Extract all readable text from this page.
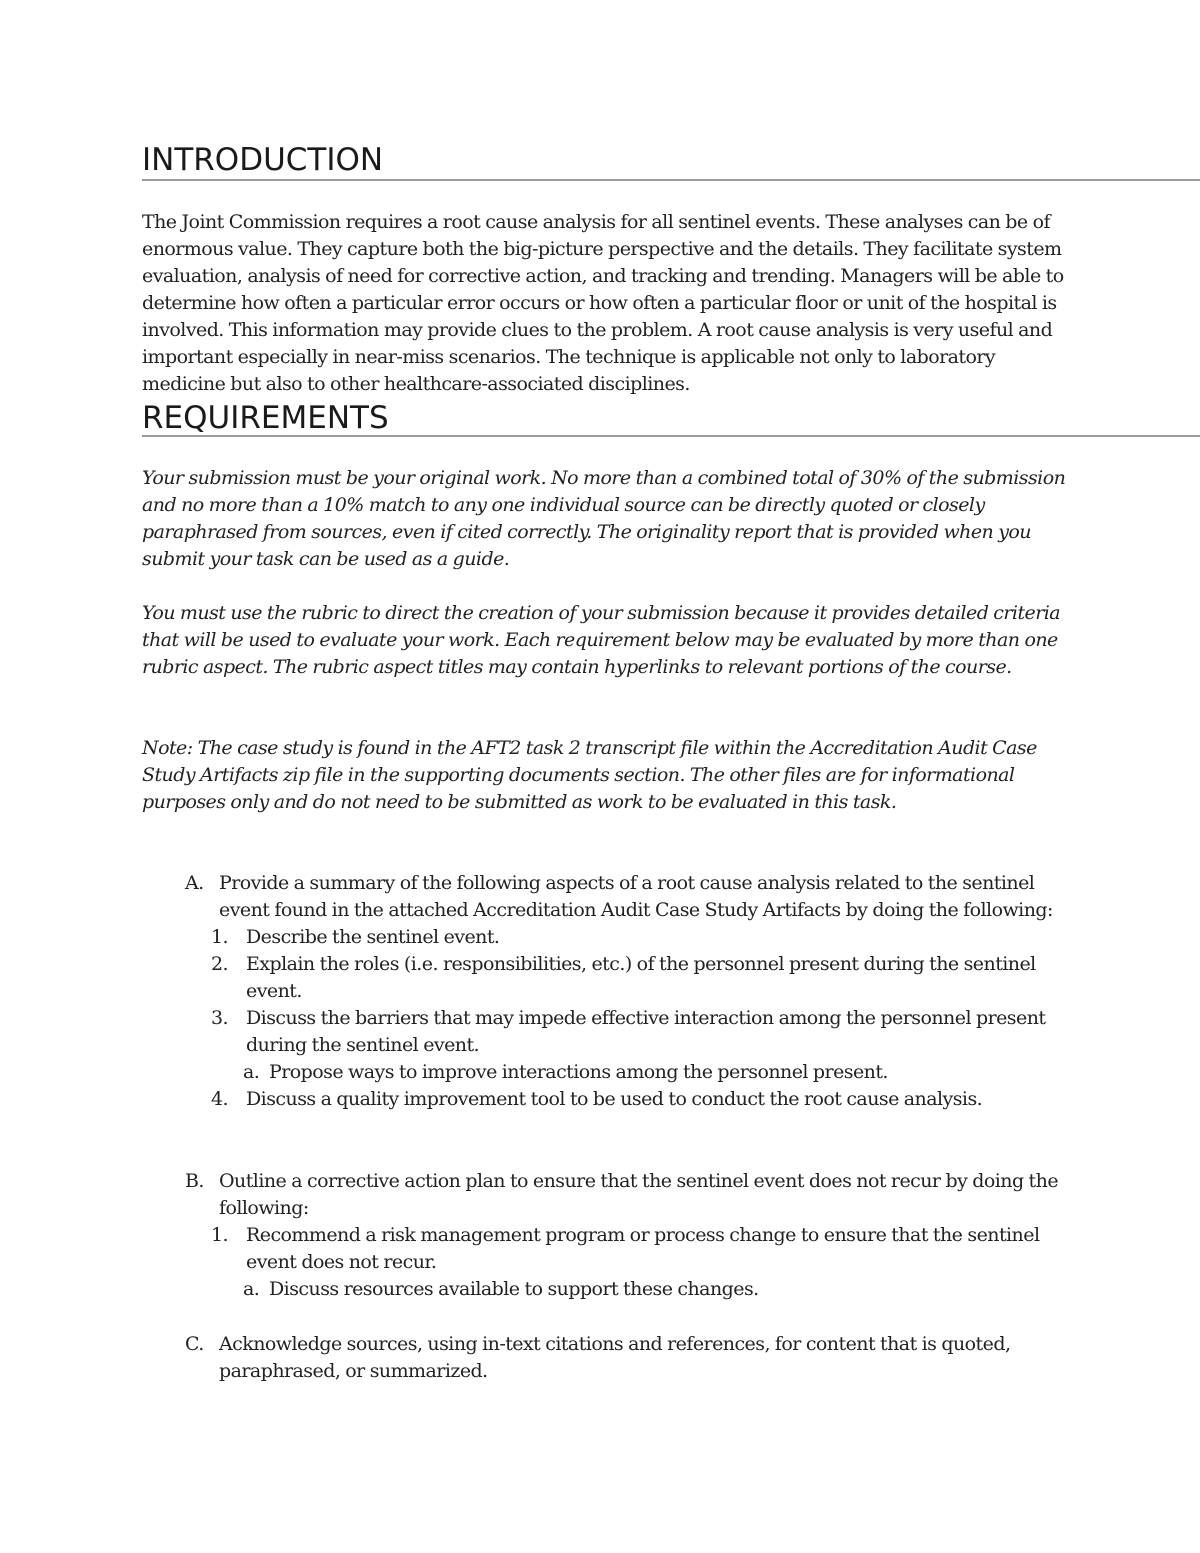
INTRODUCTION

The Joint Commission requires a root cause analysis for all sentinel events. These analyses can be of enormous value. They capture both the big-picture perspective and the details. They facilitate system evaluation, analysis of need for corrective action, and tracking and trending. Managers will be able to determine how often a particular error occurs or how often a particular floor or unit of the hospital is involved. This information may provide clues to the problem. A root cause analysis is very useful and important especially in near-miss scenarios. The technique is applicable not only to laboratory medicine but also to other healthcare-associated disciplines.

REQUIREMENTS

Your submission must be your original work. No more than a combined total of 30% of the submission and no more than a 10% match to any one individual source can be directly quoted or closely paraphrased from sources, even if cited correctly. The originality report that is provided when you submit your task can be used as a guide.

You must use the rubric to direct the creation of your submission because it provides detailed criteria that will be used to evaluate your work. Each requirement below may be evaluated by more than one rubric aspect. The rubric aspect titles may contain hyperlinks to relevant portions of the course.

Note: The case study is found in the AFT2 task 2 transcript file within the Accreditation Audit Case Study Artifacts zip file in the supporting documents section. The other files are for informational purposes only and do not need to be submitted as work to be evaluated in this task.

A. Provide a summary of the following aspects of a root cause analysis related to the sentinel event found in the attached Accreditation Audit Case Study Artifacts by doing the following:
1. Describe the sentinel event.
2. Explain the roles (i.e. responsibilities, etc.) of the personnel present during the sentinel event.
3. Discuss the barriers that may impede effective interaction among the personnel present during the sentinel event.
a. Propose ways to improve interactions among the personnel present.
4. Discuss a quality improvement tool to be used to conduct the root cause analysis.
B. Outline a corrective action plan to ensure that the sentinel event does not recur by doing the following:
1. Recommend a risk management program or process change to ensure that the sentinel event does not recur.
a. Discuss resources available to support these changes.
C. Acknowledge sources, using in-text citations and references, for content that is quoted, paraphrased, or summarized.
